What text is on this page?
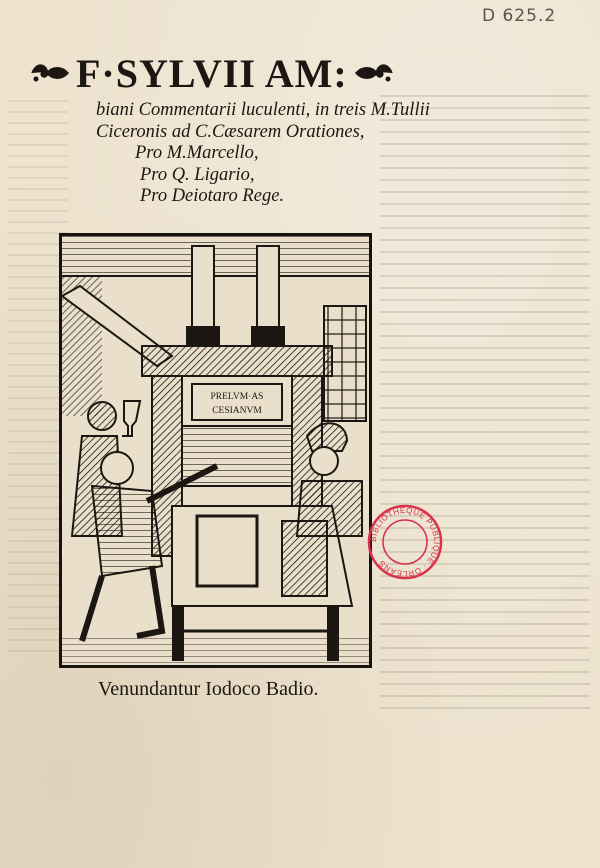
D 625.2
F·SYLVII AM:
biani Commentarii luculenti, in treis M.Tullii
Ciceronis ad C.Cæsarem Orationes,
Pro M.Marcello,
Pro Q. Ligario,
Pro Deiotaro Rege.
PRELVM·AS
CESIANVM
Venundantur Iodoco Badio.
BIBLIOTHEQUE PUBLIQUE · ORLEANS
